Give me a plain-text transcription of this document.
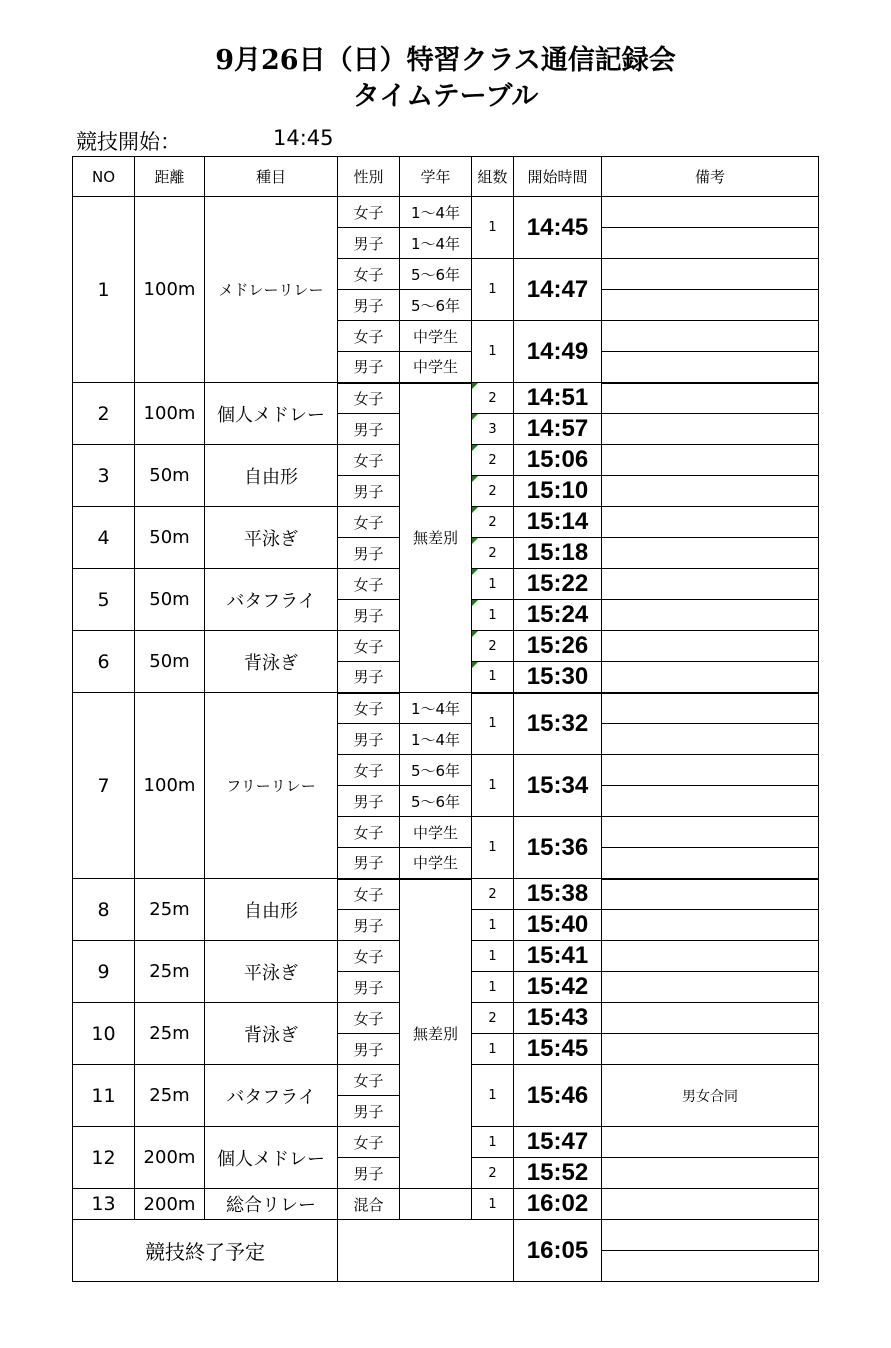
9月26日（日）特習クラス通信記録会
タイムテーブル
競技開始：	14:45
NO	距離	種目	性別	学年	組数	開始時間	備考
1	100m	メドレーリレー	女子	1～4年	1	14:45	
			男子	1～4年			
			女子	5～6年	1	14:47	
			男子	5～6年			
			女子	中学生	1	14:49	
			男子	中学生			
2	100m	個人メドレー	女子	無差別	2	14:51	
			男子		3	14:57	
3	50m	自由形	女子		2	15:06	
			男子		2	15:10	
4	50m	平泳ぎ	女子		2	15:14	
			男子		2	15:18	
5	50m	バタフライ	女子		1	15:22	
			男子		1	15:24	
6	50m	背泳ぎ	女子		2	15:26	
			男子		1	15:30	
7	100m	フリーリレー	女子	1～4年	1	15:32	
			男子	1～4年			
			女子	5～6年	1	15:34	
			男子	5～6年			
			女子	中学生	1	15:36	
			男子	中学生			
8	25m	自由形	女子	無差別	2	15:38	
			男子		1	15:40	
9	25m	平泳ぎ	女子		1	15:41	
			男子		1	15:42	
10	25m	背泳ぎ	女子		2	15:43	
			男子		1	15:45	
11	25m	バタフライ	女子		1	15:46	男女合同
			男子				
12	200m	個人メドレー	女子		1	15:47	
			男子		2	15:52	
13	200m	総合リレー	混合		1	16:02	
競技終了予定						16:05	
